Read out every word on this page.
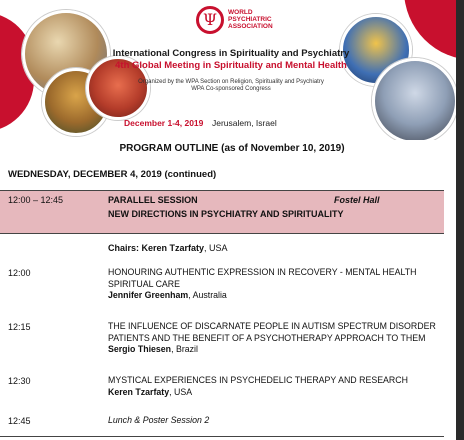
Ψ	WORLD
PSYCHIATRIC
ASSOCIATION
International Congress in Spirituality and Psychiatry
4th Global Meeting in Spirituality and Mental Health
Organized by the WPA Section on Religion, Spirituality and Psychiatry
WPA Co-sponsored Congress
December 1-4, 2019 Jerusalem, Israel
PROGRAM OUTLINE (as of November 10, 2019)
WEDNESDAY, DECEMBER 4, 2019 (continued)
12:00 – 12:45	PARALLEL SESSION	Fostel Hall
NEW DIRECTIONS IN PSYCHIATRY AND SPIRITUALITY
Chairs: Keren Tzarfaty, USA
12:00	HONOURING AUTHENTIC EXPRESSION IN RECOVERY - MENTAL HEALTH
SPIRITUAL CARE
Jennifer Greenham, Australia
12:15	THE INFLUENCE OF DISCARNATE PEOPLE IN AUTISM SPECTRUM DISORDER
PATIENTS AND THE BENEFIT OF A PSYCHOTHERAPY APPROACH TO THEM
Sergio Thiesen, Brazil
12:30	MYSTICAL EXPERIENCES IN PSYCHEDELIC THERAPY AND RESEARCH
Keren Tzarfaty, USA
12:45	Lunch & Poster Session 2
